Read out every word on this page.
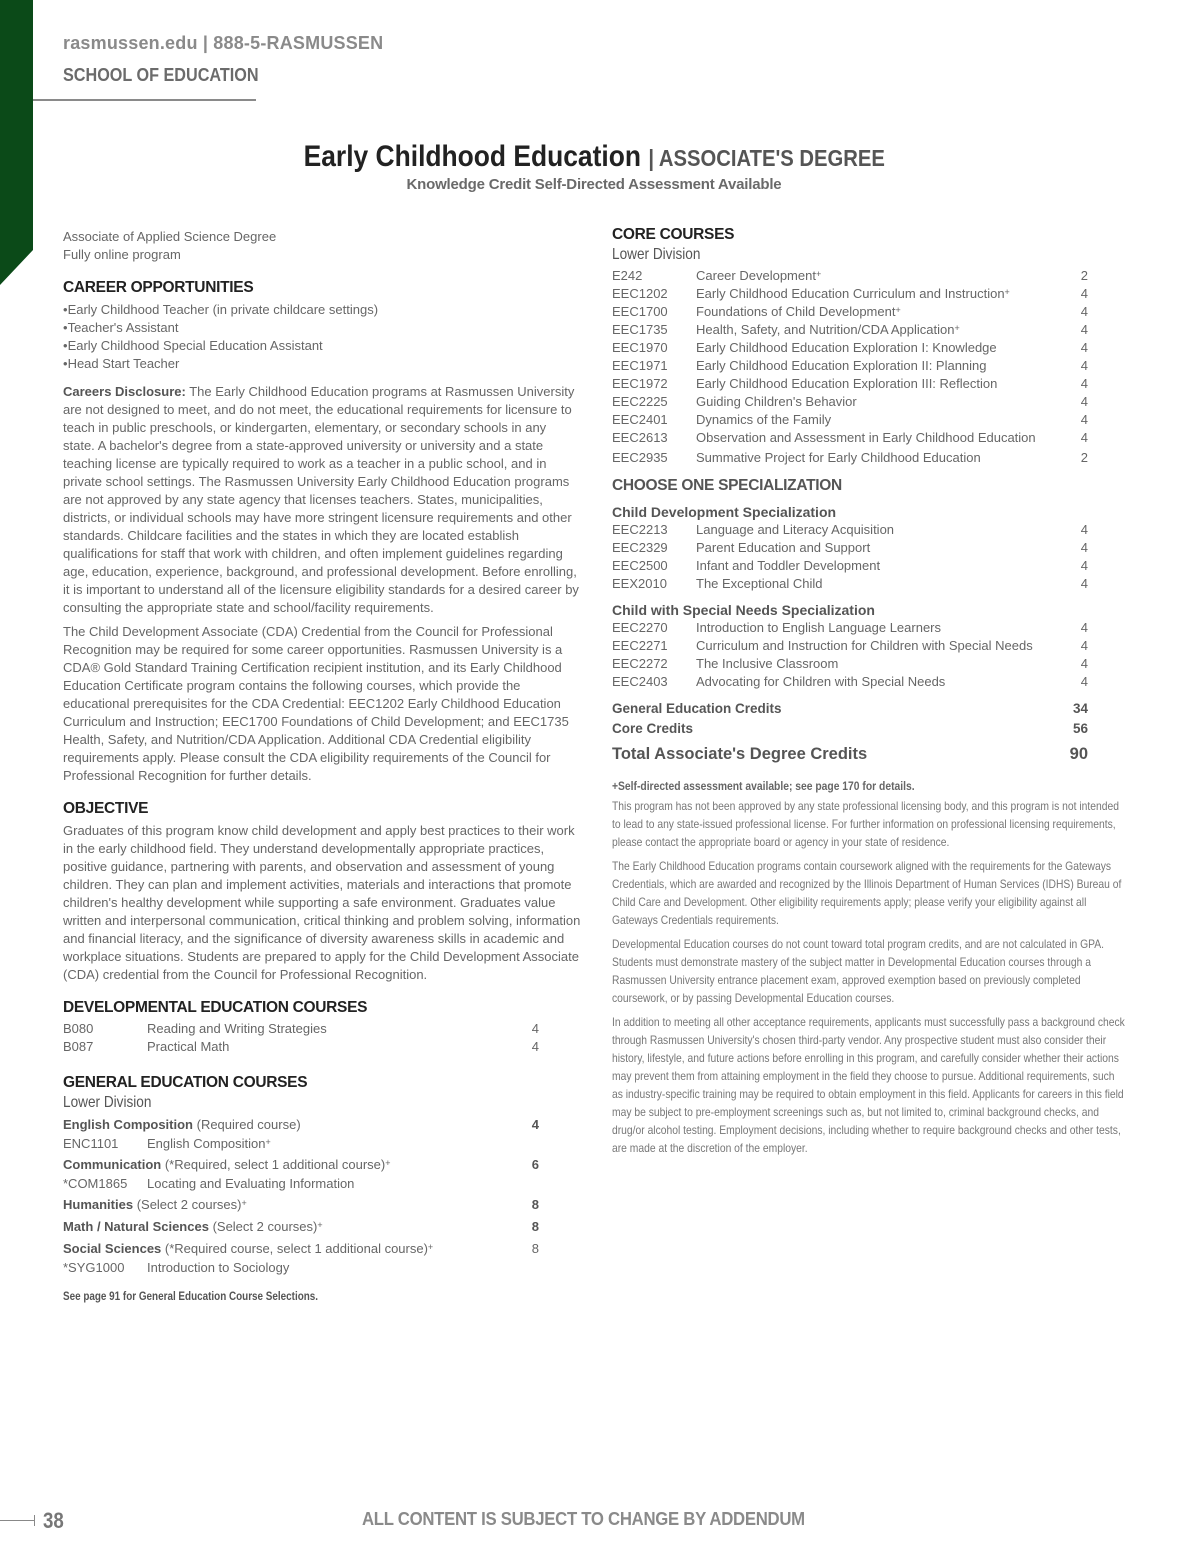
rasmussen.edu | 888-5-RASMUSSEN
SCHOOL OF EDUCATION
Early Childhood Education | ASSOCIATE'S DEGREE
Knowledge Credit Self-Directed Assessment Available

Associate of Applied Science Degree

Fully online program

CAREER OPPORTUNITIES
• Early Childhood Teacher (in private childcare settings)
• Teacher's Assistant
• Early Childhood Special Education Assistant
• Head Start Teacher

Careers Disclosure: The Early Childhood Education programs at Rasmussen University are not designed to meet, and do not meet, the educational requirements for licensure to teach in public preschools, or kindergarten, elementary, or secondary schools in any state. A bachelor's degree from a state-approved university or university and a state teaching license are typically required to work as a teacher in a public school, and in private school settings. The Rasmussen University Early Childhood Education programs are not approved by any state agency that licenses teachers. States, municipalities, districts, or individual schools may have more stringent licensure requirements and other standards. Childcare facilities and the states in which they are located establish qualifications for staff that work with children, and often implement guidelines regarding age, education, experience, background, and professional development. Before enrolling, it is important to understand all of the licensure eligibility standards for a desired career by consulting the appropriate state and school/facility requirements.

The Child Development Associate (CDA) Credential from the Council for Professional Recognition may be required for some career opportunities. Rasmussen University is a CDA® Gold Standard Training Certification recipient institution, and its Early Childhood Education Certificate program contains the following courses, which provide the educational prerequisites for the CDA Credential: EEC1202 Early Childhood Education Curriculum and Instruction; EEC1700 Foundations of Child Development; and EEC1735 Health, Safety, and Nutrition/CDA Application. Additional CDA Credential eligibility requirements apply. Please consult the CDA eligibility requirements of the Council for Professional Recognition for further details.

OBJECTIVE

Graduates of this program know child development and apply best practices to their work in the early childhood field. They understand developmentally appropriate practices, positive guidance, partnering with parents, and observation and assessment of young children. They can plan and implement activities, materials and interactions that promote children's healthy development while supporting a safe environment. Graduates value written and interpersonal communication, critical thinking and problem solving, information and financial literacy, and the significance of diversity awareness skills in academic and workplace situations. Students are prepared to apply for the Child Development Associate (CDA) credential from the Council for Professional Recognition.

DEVELOPMENTAL EDUCATION COURSES
B080	Reading and Writing Strategies	4
B087	Practical Math	4
GENERAL EDUCATION COURSES
Lower Division
English Composition (Required course)	4
ENC1101	English Composition+
Communication (*Required, select 1 additional course)+	6
*COM1865	Locating and Evaluating Information
Humanities (Select 2 courses)+	8
Math / Natural Sciences (Select 2 courses)+	8
Social Sciences (*Required course, select 1 additional course)+	8
*SYG1000	Introduction to Sociology
See page 91 for General Education Course Selections.
CORE COURSES
Lower Division
E242	Career Development+	2
EEC1202	Early Childhood Education Curriculum and Instruction+	4
EEC1700	Foundations of Child Development+	4
EEC1735	Health, Safety, and Nutrition/CDA Application+	4
EEC1970	Early Childhood Education Exploration I: Knowledge	4
EEC1971	Early Childhood Education Exploration II: Planning	4
EEC1972	Early Childhood Education Exploration III: Reflection	4
EEC2225	Guiding Children's Behavior	4
EEC2401	Dynamics of the Family	4
EEC2613	Observation and Assessment in Early Childhood Education	4
EEC2935	Summative Project for Early Childhood Education	2
CHOOSE ONE SPECIALIZATION
Child Development Specialization
EEC2213	Language and Literacy Acquisition	4
EEC2329	Parent Education and Support	4
EEC2500	Infant and Toddler Development	4
EEX2010	The Exceptional Child	4
Child with Special Needs Specialization
EEC2270	Introduction to English Language Learners	4
EEC2271	Curriculum and Instruction for Children with Special Needs	4
EEC2272	The Inclusive Classroom	4
EEC2403	Advocating for Children with Special Needs	4
General Education Credits	34
Core Credits	56
Total Associate's Degree Credits	90
+Self-directed assessment available; see page 170 for details.

This program has not been approved by any state professional licensing body, and this program is not intended to lead to any state-issued professional license. For further information on professional licensing requirements, please contact the appropriate board or agency in your state of residence.

The Early Childhood Education programs contain coursework aligned with the requirements for the Gateways Credentials, which are awarded and recognized by the Illinois Department of Human Services (IDHS) Bureau of Child Care and Development. Other eligibility requirements apply; please verify your eligibility against all Gateways Credentials requirements.

Developmental Education courses do not count toward total program credits, and are not calculated in GPA. Students must demonstrate mastery of the subject matter in Developmental Education courses through a Rasmussen University entrance placement exam, approved exemption based on previously completed coursework, or by passing Developmental Education courses.

In addition to meeting all other acceptance requirements, applicants must successfully pass a background check through Rasmussen University's chosen third-party vendor. Any prospective student must also consider their history, lifestyle, and future actions before enrolling in this program, and carefully consider whether their actions may prevent them from attaining employment in the field they choose to pursue. Additional requirements, such as industry-specific training may be required to obtain employment in this field. Applicants for careers in this field may be subject to pre-employment screenings such as, but not limited to, criminal background checks, and drug/or alcohol testing. Employment decisions, including whether to require background checks and other tests, are made at the discretion of the employer.

38	ALL CONTENT IS SUBJECT TO CHANGE BY ADDENDUM
